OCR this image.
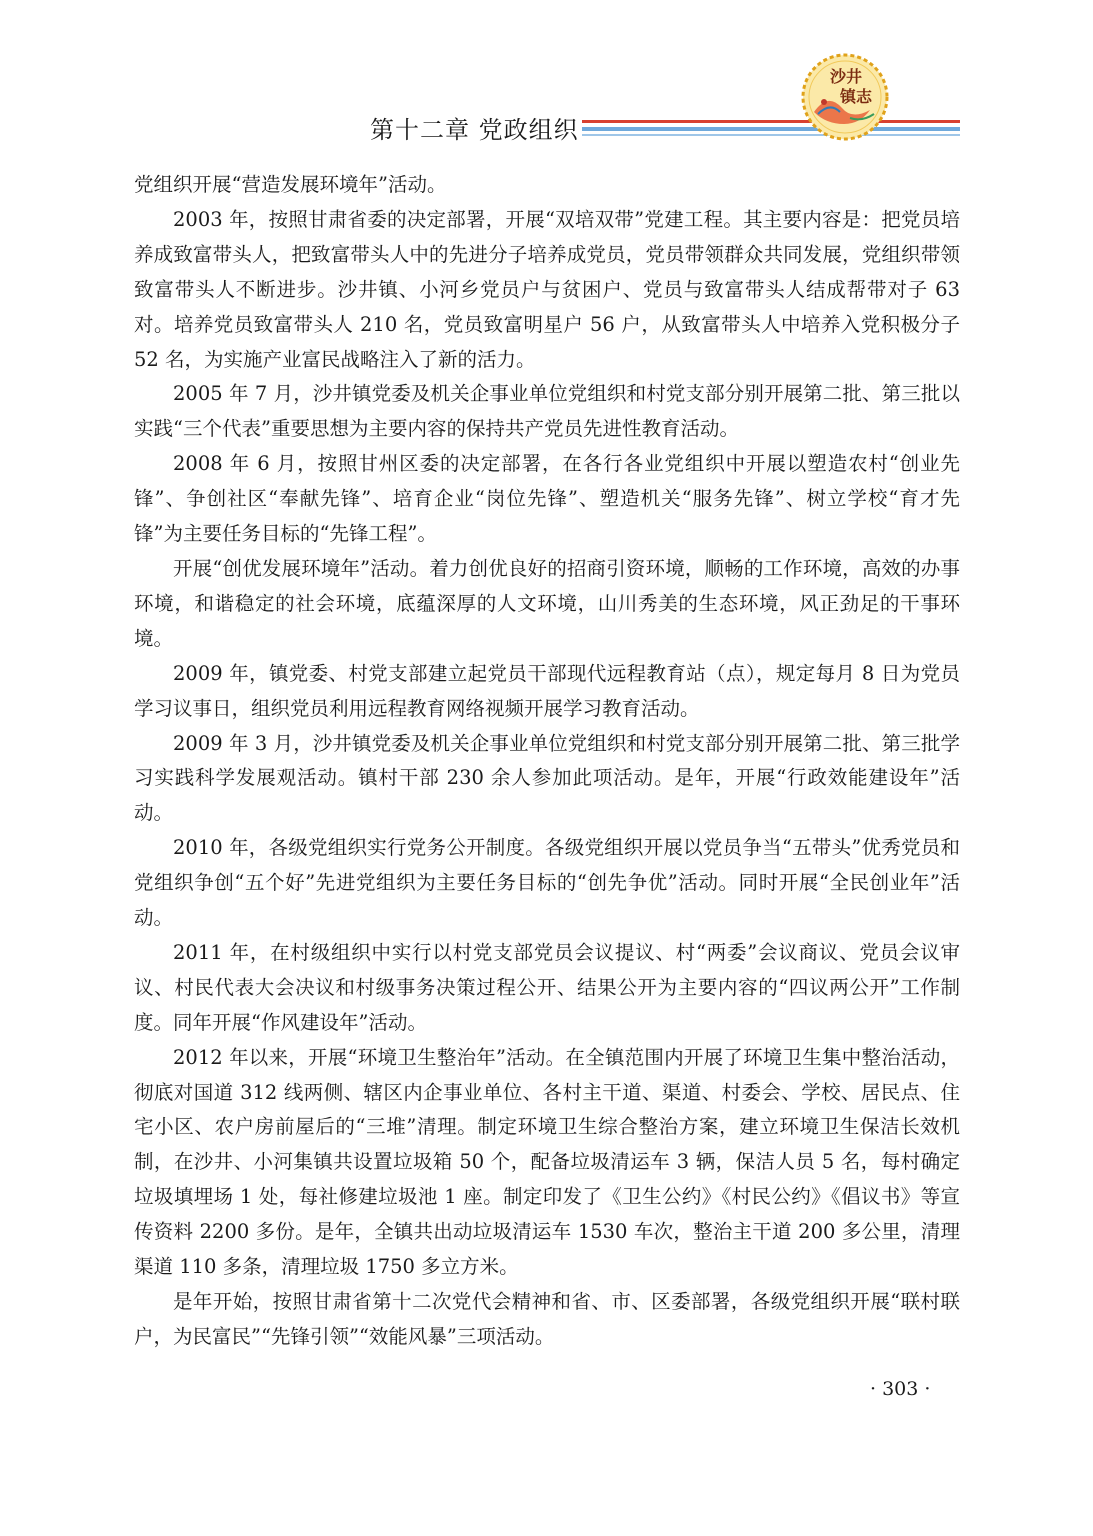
第十二章 党政组织
沙井
镇志

党组织开展“营造发展环境年”活动。

2003 年，按照甘肃省委的决定部署，开展“双培双带”党建工程。其主要内容是：把党员培养成致富带头人，把致富带头人中的先进分子培养成党员，党员带领群众共同发展，党组织带领致富带头人不断进步。沙井镇、小河乡党员户与贫困户、党员与致富带头人结成帮带对子 63 对。培养党员致富带头人 210 名，党员致富明星户 56 户，从致富带头人中培养入党积极分子 52 名，为实施产业富民战略注入了新的活力。

2005 年 7 月，沙井镇党委及机关企事业单位党组织和村党支部分别开展第二批、第三批以实践“三个代表”重要思想为主要内容的保持共产党员先进性教育活动。

2008 年 6 月，按照甘州区委的决定部署，在各行各业党组织中开展以塑造农村“创业先锋”、争创社区“奉献先锋”、培育企业“岗位先锋”、塑造机关“服务先锋”、树立学校“育才先锋”为主要任务目标的“先锋工程”。

开展“创优发展环境年”活动。着力创优良好的招商引资环境，顺畅的工作环境，高效的办事环境，和谐稳定的社会环境，底蕴深厚的人文环境，山川秀美的生态环境，风正劲足的干事环境。

2009 年，镇党委、村党支部建立起党员干部现代远程教育站（点），规定每月 8 日为党员学习议事日，组织党员利用远程教育网络视频开展学习教育活动。

2009 年 3 月，沙井镇党委及机关企事业单位党组织和村党支部分别开展第二批、第三批学习实践科学发展观活动。镇村干部 230 余人参加此项活动。是年，开展“行政效能建设年”活动。

2010 年，各级党组织实行党务公开制度。各级党组织开展以党员争当“五带头”优秀党员和党组织争创“五个好”先进党组织为主要任务目标的“创先争优”活动。同时开展“全民创业年”活动。

2011 年，在村级组织中实行以村党支部党员会议提议、村“两委”会议商议、党员会议审议、村民代表大会决议和村级事务决策过程公开、结果公开为主要内容的“四议两公开”工作制度。同年开展“作风建设年”活动。

2012 年以来，开展“环境卫生整治年”活动。在全镇范围内开展了环境卫生集中整治活动，彻底对国道 312 线两侧、辖区内企事业单位、各村主干道、渠道、村委会、学校、居民点、住宅小区、农户房前屋后的“三堆”清理。制定环境卫生综合整治方案，建立环境卫生保洁长效机制，在沙井、小河集镇共设置垃圾箱 50 个，配备垃圾清运车 3 辆，保洁人员 5 名，每村确定垃圾填埋场 1 处，每社修建垃圾池 1 座。制定印发了《卫生公约》《村民公约》《倡议书》等宣传资料 2200 多份。是年，全镇共出动垃圾清运车 1530 车次，整治主干道 200 多公里，清理渠道 110 多条，清理垃圾 1750 多立方米。

是年开始，按照甘肃省第十二次党代会精神和省、市、区委部署，各级党组织开展“联村联户，为民富民”“先锋引领”“效能风暴”三项活动。

· 303 ·
